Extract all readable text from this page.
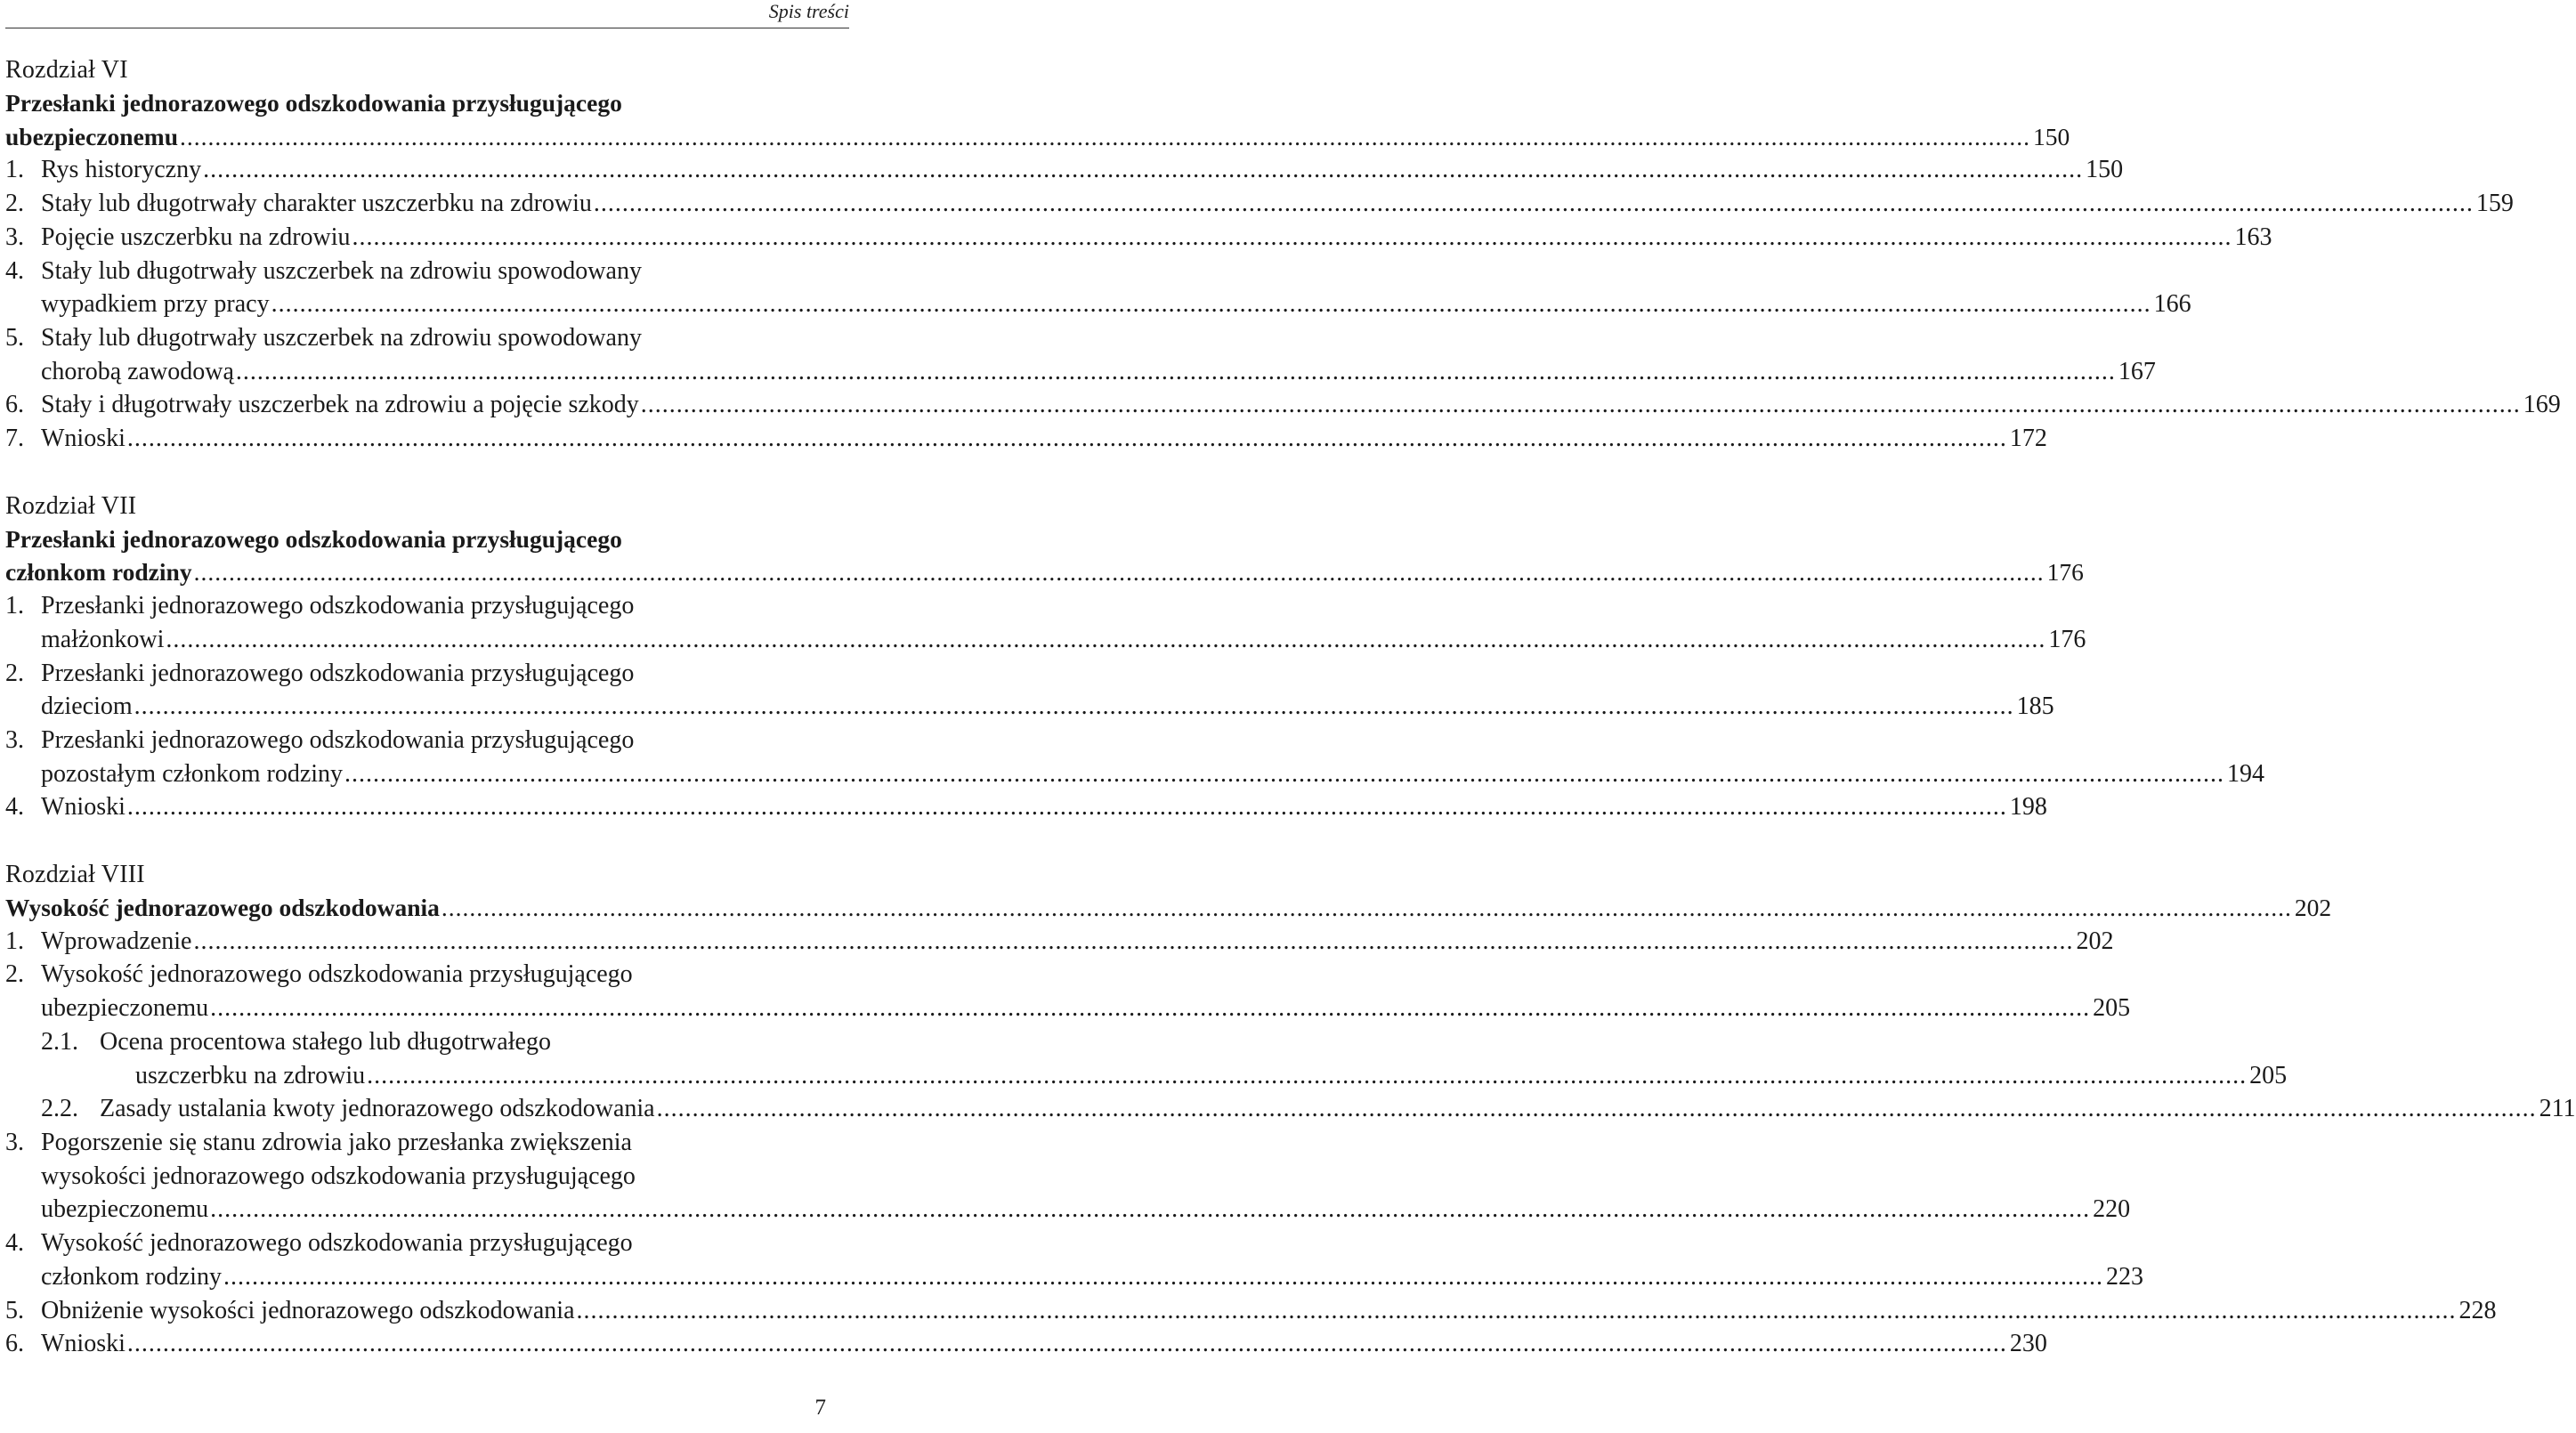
Spis treści
Rozdział VI
Przesłanki jednorazowego odszkodowania przysługującego
ubezpieczonemu .....	150
1. Rys historyczny .....	150
2. Stały lub długotrwały charakter uszczerbku na zdrowiu .....	159
3. Pojęcie uszczerbku na zdrowiu .....	163
4. Stały lub długotrwały uszczerbek na zdrowiu spowodowany
wypadkiem przy pracy .....	166
5. Stały lub długotrwały uszczerbek na zdrowiu spowodowany
chorobą zawodową .....	167
6. Stały i długotrwały uszczerbek na zdrowiu a pojęcie szkody .....	169
7. Wnioski .....	172
Rozdział VII
Przesłanki jednorazowego odszkodowania przysługującego
członkom rodziny .....	176
1. Przesłanki jednorazowego odszkodowania przysługującego
małżonkowi .....	176
2. Przesłanki jednorazowego odszkodowania przysługującego
dzieciom .....	185
3. Przesłanki jednorazowego odszkodowania przysługującego
pozostałym członkom rodziny .....	194
4. Wnioski .....	198
Rozdział VIII
Wysokość jednorazowego odszkodowania .....	202
1. Wprowadzenie .....	202
2. Wysokość jednorazowego odszkodowania przysługującego
ubezpieczonemu .....	205
2.1. Ocena procentowa stałego lub długotrwałego
uszczerbku na zdrowiu .....	205
2.2. Zasady ustalania kwoty jednorazowego odszkodowania .....	211
3. Pogorszenie się stanu zdrowia jako przesłanka zwiększenia
wysokości jednorazowego odszkodowania przysługującego
ubezpieczonemu .....	220
4. Wysokość jednorazowego odszkodowania przysługującego
członkom rodziny .....	223
5. Obniżenie wysokości jednorazowego odszkodowania .....	228
6. Wnioski .....	230
7
